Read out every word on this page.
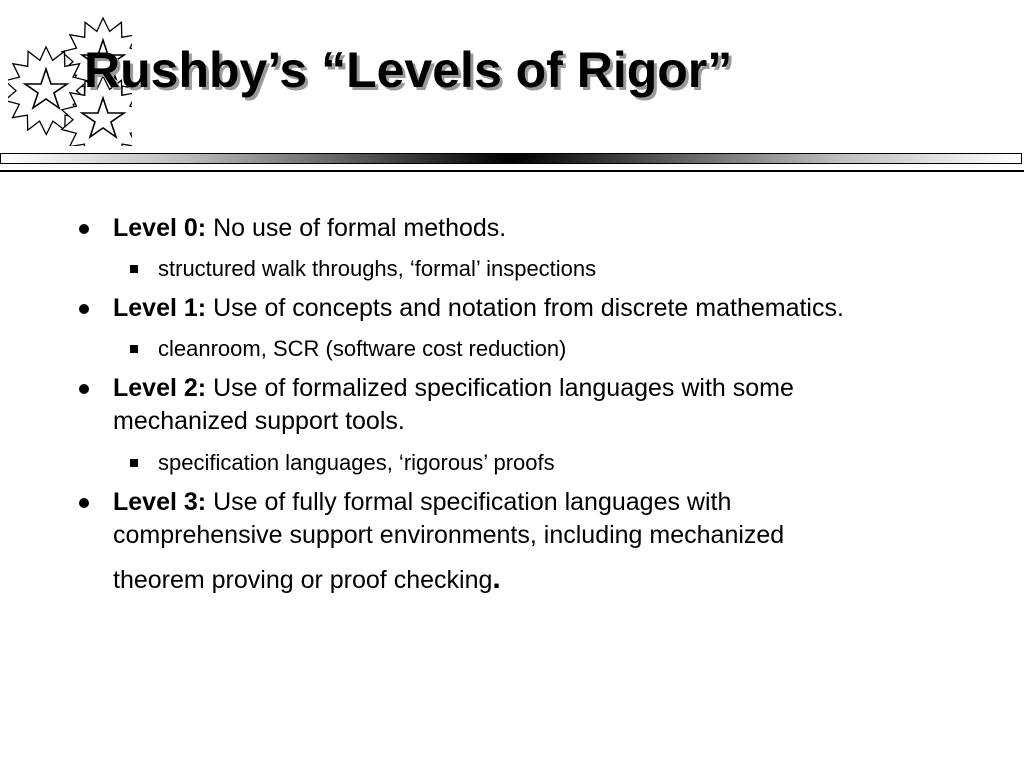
Rushby’s “Levels of Rigor”
Level 0: No use of formal methods.
structured walk throughs, ‘formal’ inspections
Level 1: Use of concepts and notation from discrete mathematics.
cleanroom, SCR (software cost reduction)
Level 2: Use of formalized specification languages with some
mechanized support tools.
specification languages, ‘rigorous’ proofs
Level 3: Use of fully formal specification languages with
comprehensive support environments, including mechanized
theorem proving or proof checking.
